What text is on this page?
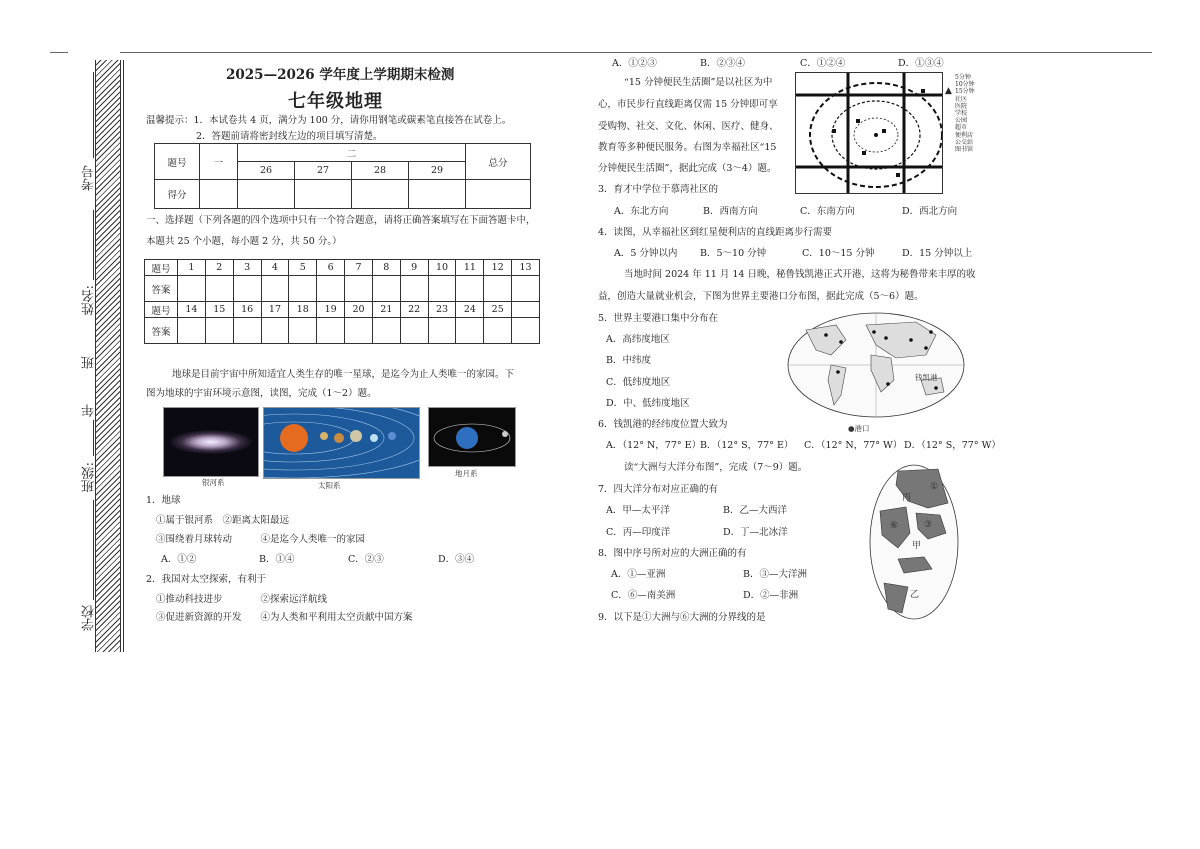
考号
姓名:
班
年
班级:
学校
2025—2026 学年度上学期期末检测
七年级地理
温馨提示：1．本试卷共 4 页，满分为 100 分，请你用钢笔或碳素笔直接答在试卷上。
2．答题前请将密封线左边的项目填写清楚。
题号	一	二				总分
		26	27	28	29	
得分						
一、选择题（下列各题的四个选项中只有一个符合题意，请将正确答案填写在下面答题卡中，
本题共 25 个小题，每小题 2 分，共 50 分。）
题号	1	2	3	4	5	6	7	8	9	10	11	12	13
答案													
题号	14	15	16	17	18	19	20	21	22	23	24	25	
答案													
地球是目前宇宙中所知适宜人类生存的唯一星球，是迄今为止人类唯一的家园。下
图为地球的宇宙环境示意图，读图，完成（1～2）题。
银河系	太阳系
地月系
1．地球
①属于银河系　②距离太阳最远
③围绕着月球转动　　　④是迄今人类唯一的家园
A．①②	B．①④	C．②③	D．③④
2．我国对太空探索，有利于
①推动科技进步　　　　②探索远洋航线
③促进新资源的开发　　④为人类和平利用太空贡献中国方案
A．①②③	B．②③④	C．①②④	D．①③④
“15 分钟便民生活圈”是以社区为中
心，市民步行直线距离仅需 15 分钟即可享
受购物、社交、文化、休闲、医疗、健身、
教育等多种便民服务。右图为幸福社区“15
分钟便民生活圈”，据此完成（3～4）题。
▲
5分钟
10分钟
15分钟
社区
医院
学校
公园
超市
便利店
公交站
图书馆
3．育才中学位于慕湾社区的
A．东北方向	B．西南方向	C．东南方向	D．西北方向
4．读图，从幸福社区到红星便利店的直线距离步行需要
A．5 分钟以内 B．5～10 分钟	C．10～15 分钟	D．15 分钟以上
当地时间 2024 年 11 月 14 日晚，秘鲁钱凯港正式开港，这将为秘鲁带来丰厚的收
益，创造大量就业机会，下图为世界主要港口分布图，据此完成（5～6）题。
5．世界主要港口集中分布在
A．高纬度地区
B．中纬度
C．低纬度地区
D．中、低纬度地区
钱凯港
●港口
6．钱凯港的经纬度位置大致为
A．（12° N，77° E）
B．（12° S，77° E） C．（12° N，77° W） D．（12° S，77° W）
读“大洲与大洋分布图”，完成（7～9）题。
丙
⑥
甲
乙
①
③
7．四大洋分布对应正确的有
A．甲—太平洋	B．乙—大西洋
C．丙—印度洋	D．丁—北冰洋
8．图中序号所对应的大洲正确的有
A．①—亚洲	B．③—大洋洲
C．⑥—南美洲	D．②—非洲
9．以下是①大洲与⑥大洲的分界线的是
